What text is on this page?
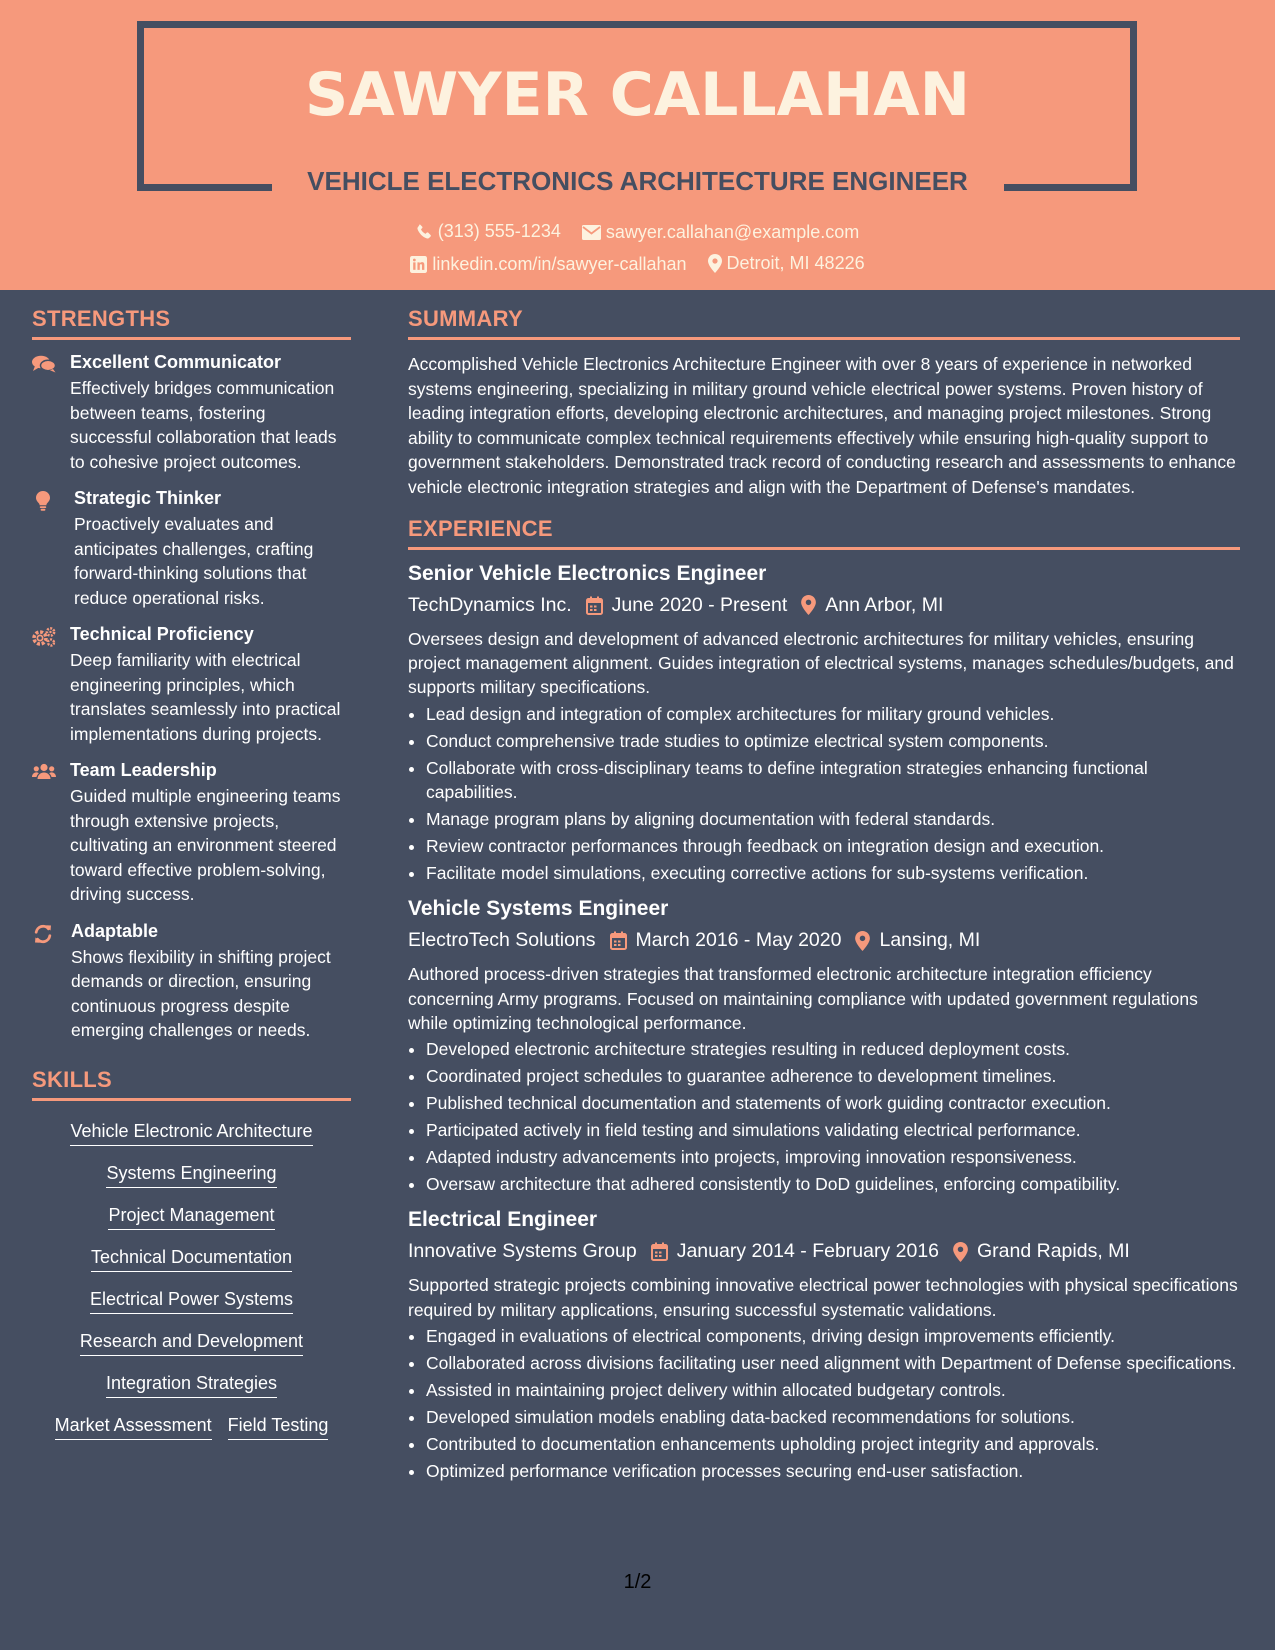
SAWYER CALLAHAN
VEHICLE ELECTRONICS ARCHITECTURE ENGINEER
(313) 555-1234
	sawyer.callahan@example.com
linkedin.com/in/sawyer-callahan
Detroit, MI 48226
STRENGTHS
Excellent Communicator
Effectively bridges communication between teams, fostering successful collaboration that leads to cohesive project outcomes.
Strategic Thinker
Proactively evaluates and anticipates challenges, crafting forward-thinking solutions that reduce operational risks.
Technical Proficiency
Deep familiarity with electrical engineering principles, which translates seamlessly into practical implementations during projects.
Team Leadership
Guided multiple engineering teams through extensive projects, cultivating an environment steered toward effective problem-solving, driving success.
Adaptable
Shows flexibility in shifting project demands or direction, ensuring continuous progress despite emerging challenges or needs.
SKILLS
Vehicle Electronic Architecture
Systems Engineering
Project Management
Technical Documentation
Electrical Power Systems
Research and Development
Integration Strategies
Market Assessment Field Testing
SUMMARY
Accomplished Vehicle Electronics Architecture Engineer with over 8 years of experience in networked systems engineering, specializing in military ground vehicle electrical power systems. Proven history of leading integration efforts, developing electronic architectures, and managing project milestones. Strong ability to communicate complex technical requirements effectively while ensuring high-quality support to government stakeholders. Demonstrated track record of conducting research and assessments to enhance vehicle electronic integration strategies and align with the Department of Defense's mandates.
EXPERIENCE
Senior Vehicle Electronics Engineer
TechDynamics Inc. June 2020 - Present Ann Arbor, MI
Oversees design and development of advanced electronic architectures for military vehicles, ensuring project management alignment. Guides integration of electrical systems, manages schedules/budgets, and supports military specifications.
• Lead design and integration of complex architectures for military ground vehicles.
• Conduct comprehensive trade studies to optimize electrical system components.
• Collaborate with cross-disciplinary teams to define integration strategies enhancing functional capabilities.
• Manage program plans by aligning documentation with federal standards.
• Review contractor performances through feedback on integration design and execution.
• Facilitate model simulations, executing corrective actions for sub-systems verification.
Vehicle Systems Engineer
ElectroTech Solutions March 2016 - May 2020 Lansing, MI
Authored process-driven strategies that transformed electronic architecture integration efficiency concerning Army programs. Focused on maintaining compliance with updated government regulations while optimizing technological performance.
• Developed electronic architecture strategies resulting in reduced deployment costs.
• Coordinated project schedules to guarantee adherence to development timelines.
• Published technical documentation and statements of work guiding contractor execution.
• Participated actively in field testing and simulations validating electrical performance.
• Adapted industry advancements into projects, improving innovation responsiveness.
• Oversaw architecture that adhered consistently to DoD guidelines, enforcing compatibility.
Electrical Engineer
Innovative Systems Group January 2014 - February 2016 Grand Rapids, MI
Supported strategic projects combining innovative electrical power technologies with physical specifications required by military applications, ensuring successful systematic validations.
• Engaged in evaluations of electrical components, driving design improvements efficiently.
• Collaborated across divisions facilitating user need alignment with Department of Defense specifications.
• Assisted in maintaining project delivery within allocated budgetary controls.
• Developed simulation models enabling data-backed recommendations for solutions.
• Contributed to documentation enhancements upholding project integrity and approvals.
• Optimized performance verification processes securing end-user satisfaction.
1/2
